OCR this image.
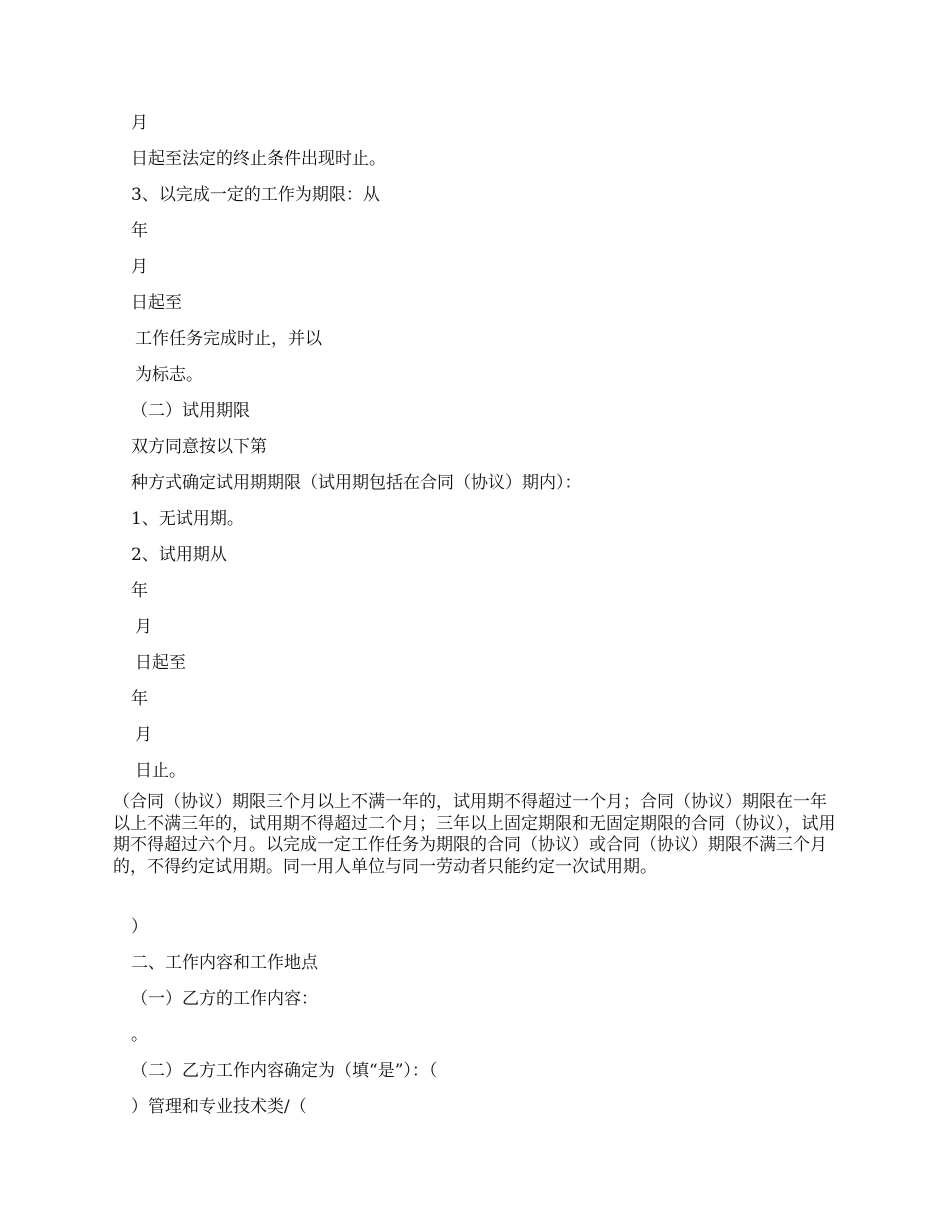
月
日起至法定的终止条件出现时止。
3、以完成一定的工作为期限：从
年
月
日起至
工作任务完成时止，并以
为标志。
（二）试用期限
双方同意按以下第
种方式确定试用期期限（试用期包括在合同（协议）期内）：
1、无试用期。
2、试用期从
年
月
日起至
年
月
日止。
（合同（协议）期限三个月以上不满一年的，试用期不得超过一个月；合同（协议）期限在一年以上不满三年的，试用期不得超过二个月；三年以上固定期限和无固定期限的合同（协议），试用期不得超过六个月。以完成一定工作任务为期限的合同（协议）或合同（协议）期限不满三个月的，不得约定试用期。同一用人单位与同一劳动者只能约定一次试用期。
）
二、工作内容和工作地点
（一）乙方的工作内容：
。
（二）乙方工作内容确定为（填“是”）：（
）管理和专业技术类/（
